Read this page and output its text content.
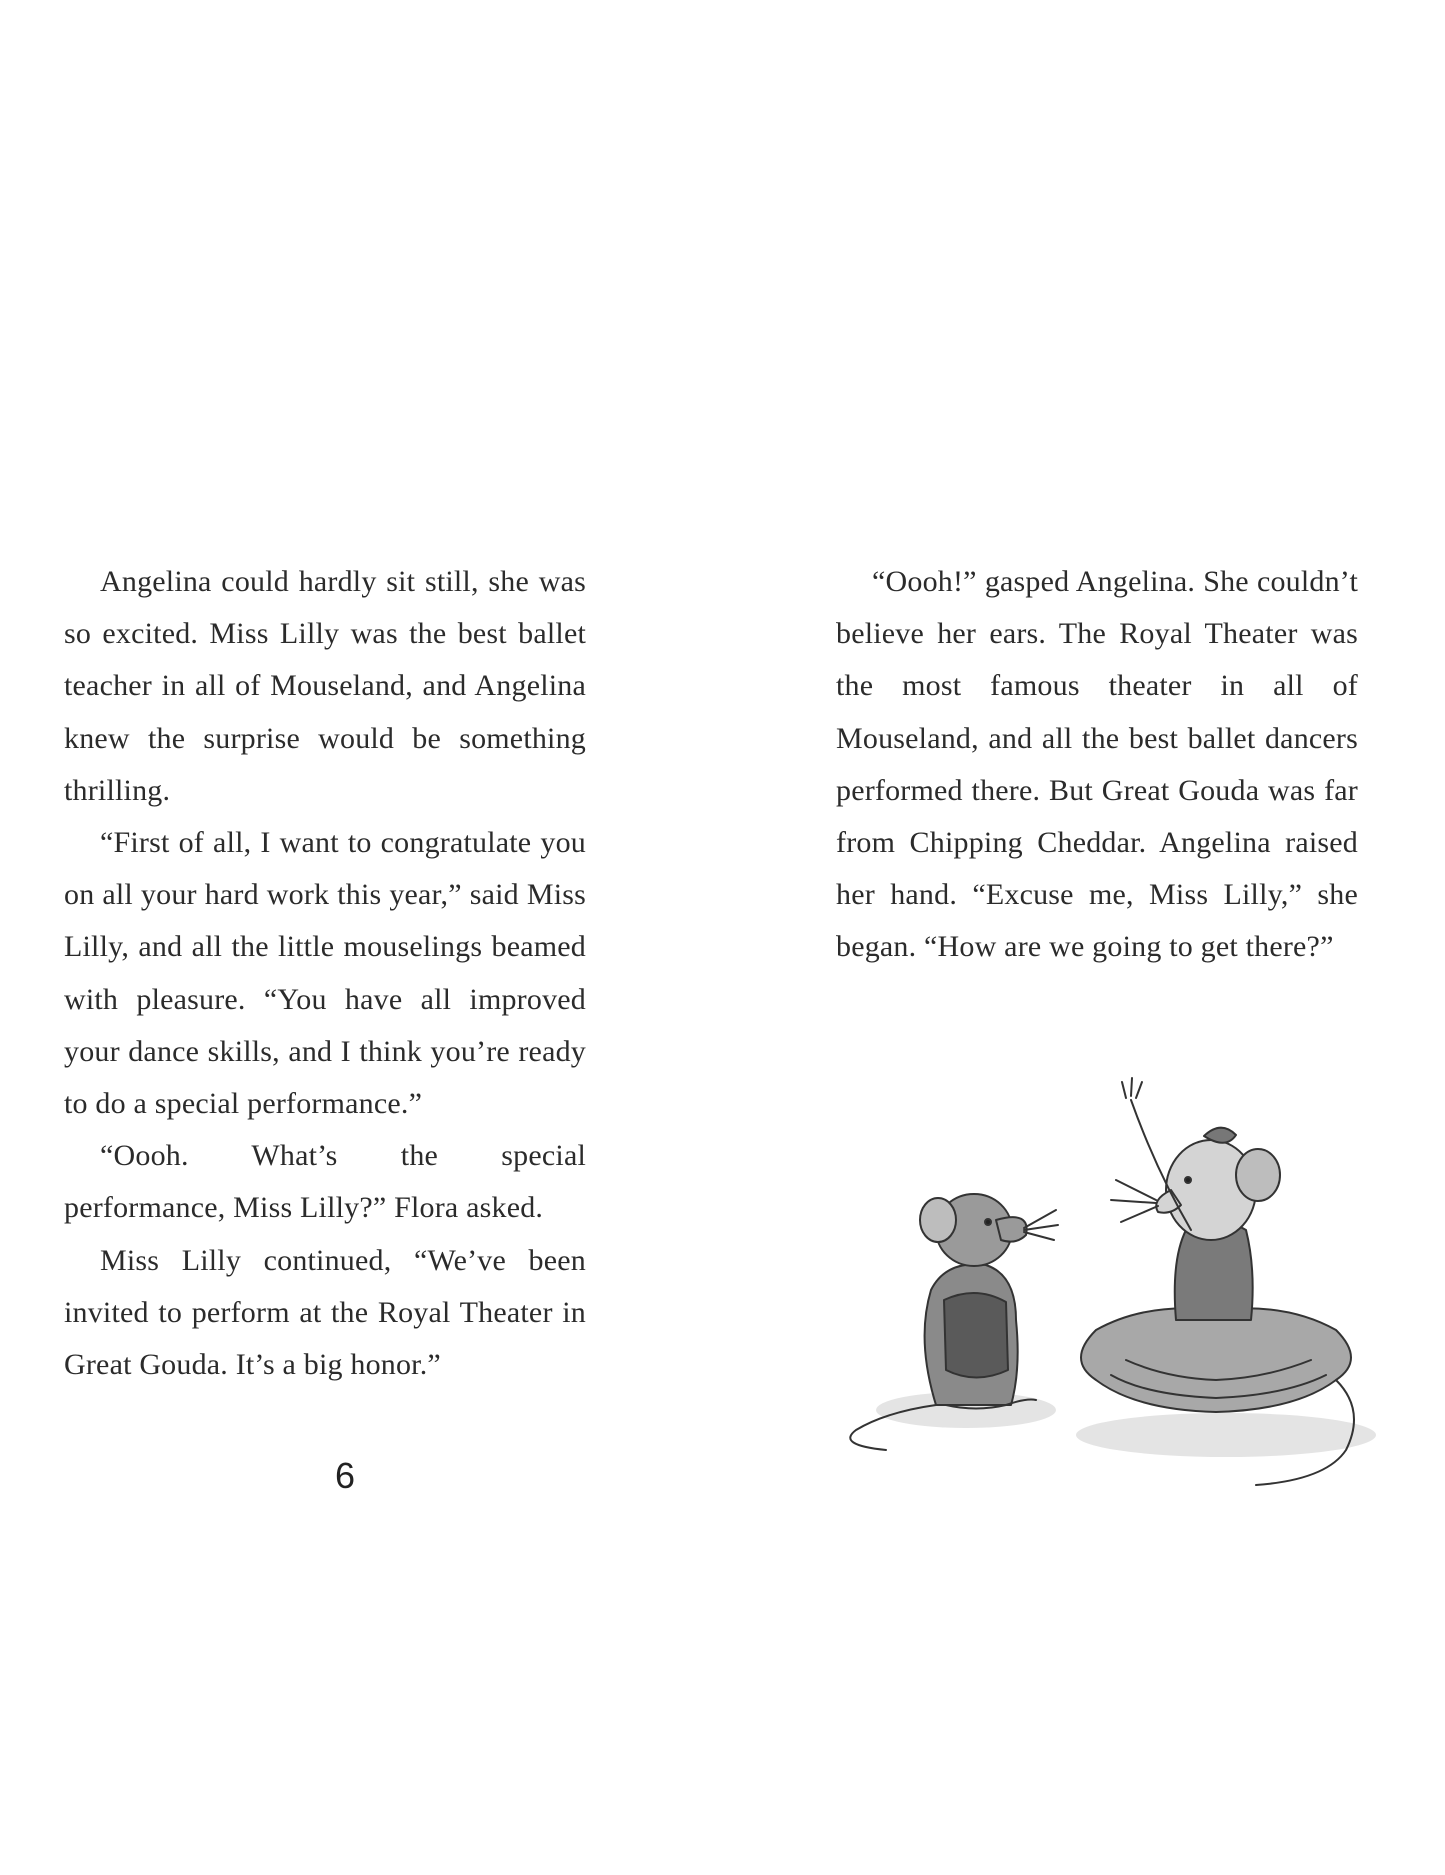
Angelina could hardly sit still, she was so excited. Miss Lilly was the best ballet teacher in all of Mouseland, and Angelina knew the surprise would be something thrilling.

“First of all, I want to congratulate you on all your hard work this year,” said Miss Lilly, and all the little mouselings beamed with pleasure. “You have all improved your dance skills, and I think you’re ready to do a special performance.”

“Oooh. What’s the special performance, Miss Lilly?” Flora asked.

Miss Lilly continued, “We’ve been invited to perform at the Royal Theater in Great Gouda. It’s a big honor.”

6

“Oooh!” gasped Angelina. She couldn’t believe her ears. The Royal Theater was the most famous theater in all of Mouseland, and all the best ballet dancers performed there. But Great Gouda was far from Chipping Cheddar. Angelina raised her hand. “Excuse me, Miss Lilly,” she began. “How are we going to get there?”
